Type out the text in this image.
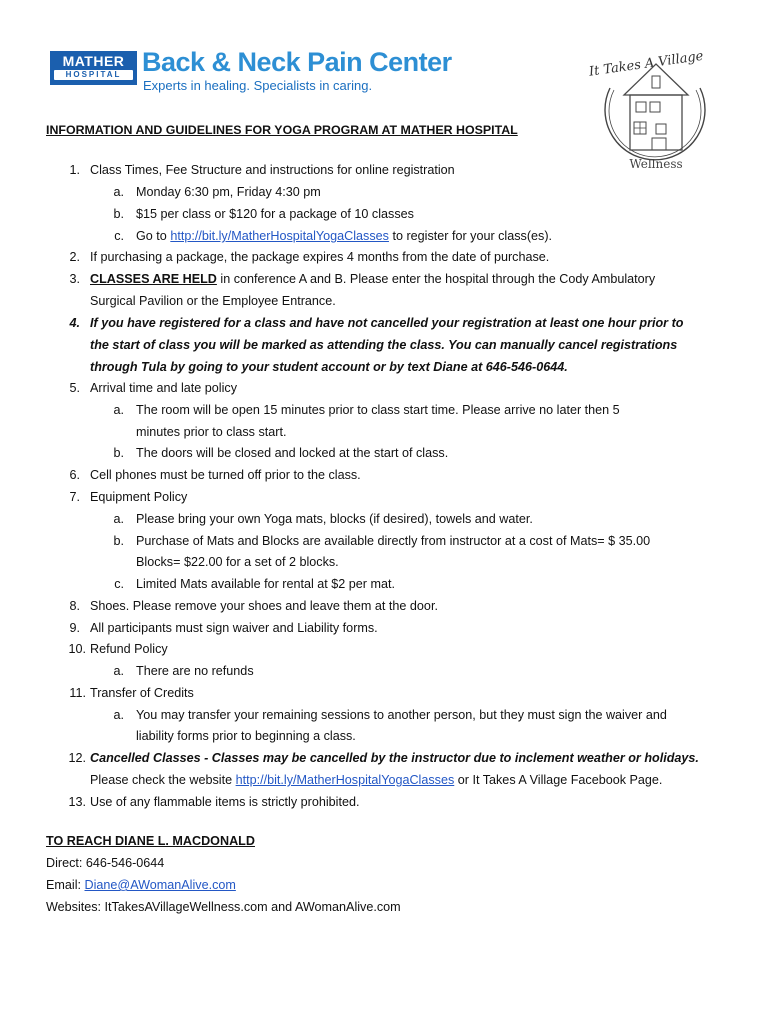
MATHER
HOSPITAL Back & Neck Pain Center
Experts in healing. Specialists in caring.
It Takes A Village
Wellness
INFORMATION AND GUIDELINES FOR YOGA PROGRAM AT MATHER HOSPITAL
1. Class Times, Fee Structure and instructions for online registration
a. Monday 6:30 pm, Friday 4:30 pm
b. $15 per class or $120 for a package of 10 classes
c. Go to http://bit.ly/MatherHospitalYogaClasses to register for your class(es).
2. If purchasing a package, the package expires 4 months from the date of purchase.
3. CLASSES ARE HELD in conference A and B. Please enter the hospital through the Cody Ambulatory
Surgical Pavilion or the Employee Entrance.
4. If you have registered for a class and have not cancelled your registration at least one hour prior to
the start of class you will be marked as attending the class. You can manually cancel registrations
through Tula by going to your student account or by text Diane at 646-546-0644.
5. Arrival time and late policy
a. The room will be open 15 minutes prior to class start time. Please arrive no later then 5
minutes prior to class start.
b. The doors will be closed and locked at the start of class.
6. Cell phones must be turned off prior to the class.
7. Equipment Policy
a. Please bring your own Yoga mats, blocks (if desired), towels and water.
b. Purchase of Mats and Blocks are available directly from instructor at a cost of Mats= $ 35.00
Blocks= $22.00 for a set of 2 blocks.
c. Limited Mats available for rental at $2 per mat.
8. Shoes. Please remove your shoes and leave them at the door.
9. All participants must sign waiver and Liability forms.
10. Refund Policy
a. There are no refunds
11. Transfer of Credits
a. You may transfer your remaining sessions to another person, but they must sign the waiver and
liability forms prior to beginning a class.
12. Cancelled Classes - Classes may be cancelled by the instructor due to inclement weather or holidays.
Please check the website http://bit.ly/MatherHospitalYogaClasses or It Takes A Village Facebook Page.
13. Use of any flammable items is strictly prohibited.
TO REACH DIANE L. MACDONALD
Direct: 646-546-0644
Email: Diane@AWomanAlive.com
Websites: ItTakesAVillageWellness.com and AWomanAlive.com
